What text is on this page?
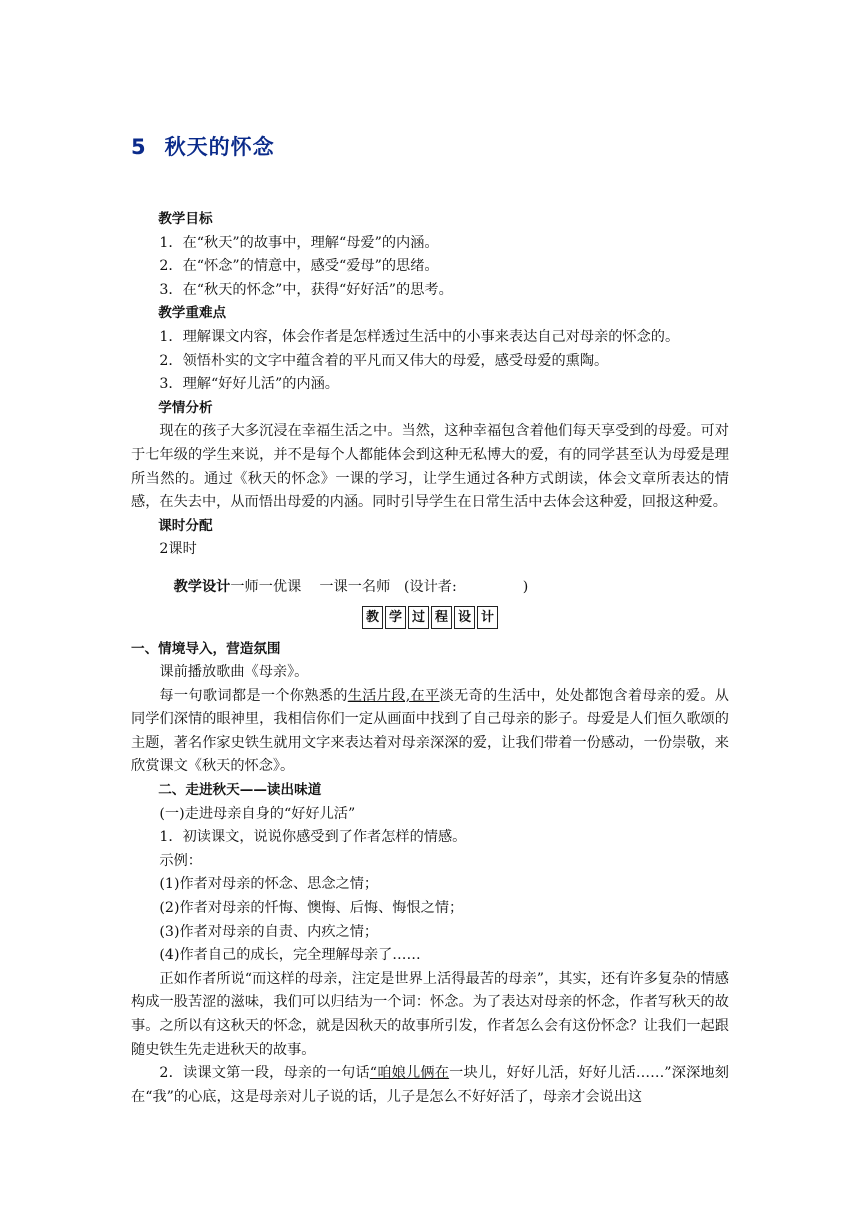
5 秋天的怀念

教学目标

1．在“秋天”的故事中，理解“母爱”的内涵。

2．在“怀念”的情意中，感受“爱母”的思绪。

3．在“秋天的怀念”中，获得“好好活”的思考。

教学重难点

1．理解课文内容，体会作者是怎样透过生活中的小事来表达自己对母亲的怀念的。

2．领悟朴实的文字中蕴含着的平凡而又伟大的母爱，感受母爱的熏陶。

3．理解“好好儿活”的内涵。

学情分析

现在的孩子大多沉浸在幸福生活之中。当然，这种幸福包含着他们每天享受到的母爱。可对于七年级的学生来说，并不是每个人都能体会到这种无私博大的爱，有的同学甚至认为母爱是理所当然的。通过《秋天的怀念》一课的学习，让学生通过各种方式朗读，体会文章所表达的情感，在失去中，从而悟出母爱的内涵。同时引导学生在日常生活中去体会这种爱，回报这种爱。

课时分配

2课时

教学设计一师一优课 一课一名师 (设计者:	)

教 学 过 程 设 计

一、情境导入，营造氛围

课前播放歌曲《母亲》。

每一句歌词都是一个你熟悉的生活片段,在平淡无奇的生活中，处处都饱含着母亲的爱。从同学们深情的眼神里，我相信你们一定从画面中找到了自己母亲的影子。母爱是人们恒久歌颂的主题，著名作家史铁生就用文字来表达着对母亲深深的爱，让我们带着一份感动，一份崇敬，来欣赏课文《秋天的怀念》。

二、走进秋天——读出味道

(一)走进母亲自身的“好好儿活”

1．初读课文，说说你感受到了作者怎样的情感。

示例：

(1)作者对母亲的怀念、思念之情；

(2)作者对母亲的忏悔、懊悔、后悔、悔恨之情；

(3)作者对母亲的自责、内疚之情；

(4)作者自己的成长，完全理解母亲了……

正如作者所说“而这样的母亲，注定是世界上活得最苦的母亲”，其实，还有许多复杂的情感构成一股苦涩的滋味，我们可以归结为一个词：怀念。为了表达对母亲的怀念，作者写秋天的故事。之所以有这秋天的怀念，就是因秋天的故事所引发，作者怎么会有这份怀念？让我们一起跟随史铁生先走进秋天的故事。

2．读课文第一段，母亲的一句话“咱娘儿俩在一块儿，好好儿活，好好儿活……”深深地刻在“我”的心底，这是母亲对儿子说的话，儿子是怎么不好好活了，母亲才会说出这
